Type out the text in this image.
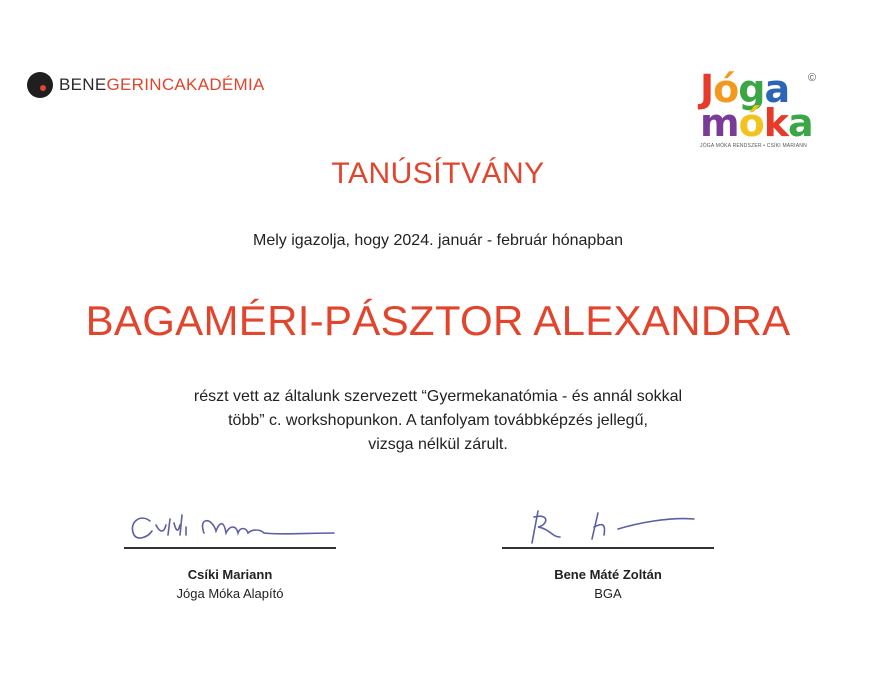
BENEGERINCAKADÉMIA	Jóga
móka
©
JÓGA MÓKA RENDSZER • CSÍKI MARIANN
TANÚSÍTVÁNY
Mely igazolja, hogy 2024. január - február hónapban
BAGAMÉRI-PÁSZTOR ALEXANDRA
részt vett az általunk szervezett “Gyermekanatómia - és annál sokkal
több” c. workshopunkon. A tanfolyam továbbképzés jellegű,
vizsga nélkül zárult.
Csíki Mariann
Jóga Móka Alapító
Bene Máté Zoltán
BGA
